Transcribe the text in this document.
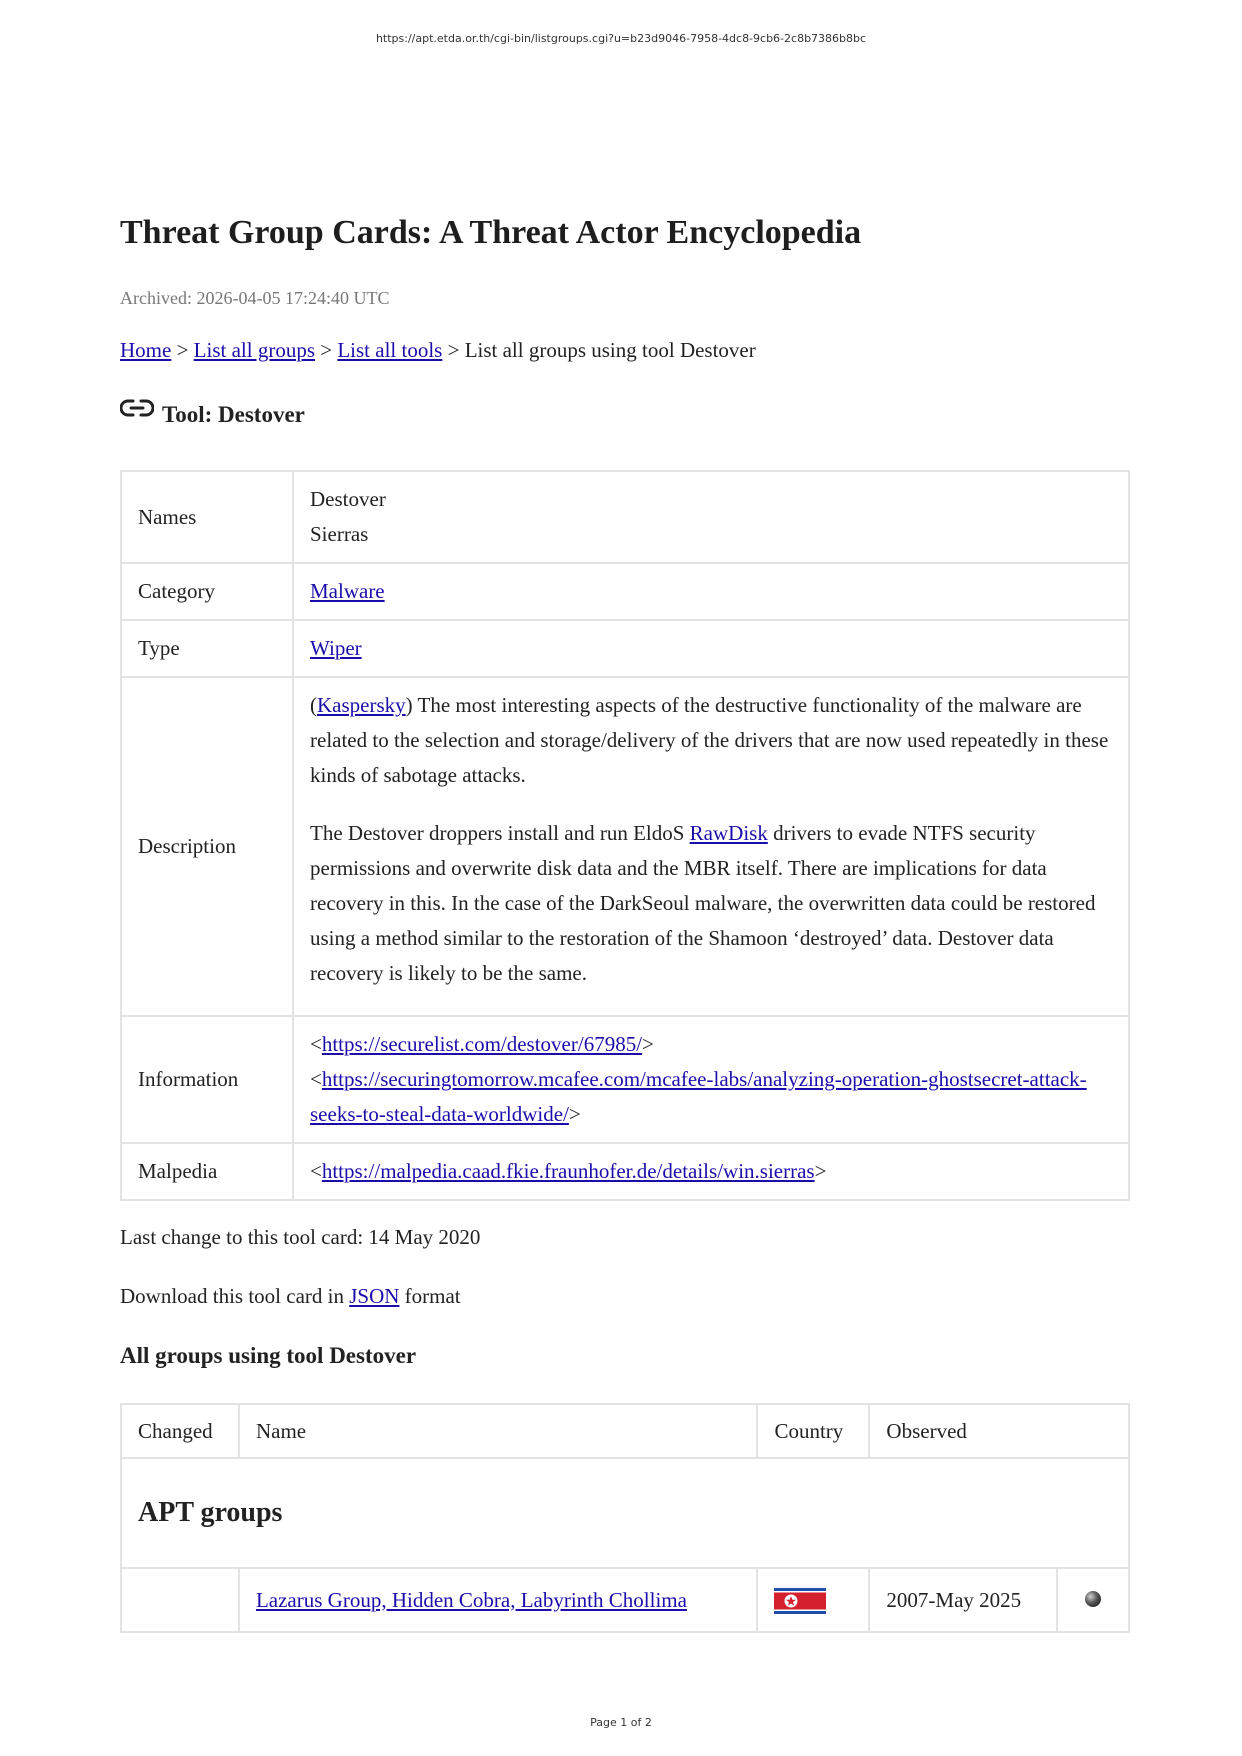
https://apt.etda.or.th/cgi-bin/listgroups.cgi?u=b23d9046-7958-4dc8-9cb6-2c8b7386b8bc
Threat Group Cards: A Threat Actor Encyclopedia
Archived: 2026-04-05 17:24:40 UTC
Home > List all groups > List all tools > List all groups using tool Destover
Tool: Destover
Names	Destover
Sierras

Category	Malware
Type	Wiper
Description	(Kaspersky) The most interesting aspects of the destructive functionality of the malware are related to the selection and storage/delivery of the drivers that are now used repeatedly in these kinds of sabotage attacks.

The Destover droppers install and run EldoS RawDisk drivers to evade NTFS security permissions and overwrite disk data and the MBR itself. There are implications for data recovery in this. In the case of the DarkSeoul malware, the overwritten data could be restored using a method similar to the restoration of the Shamoon ‘destroyed’ data. Destover data recovery is likely to be the same.

Information	<https://securelist.com/destover/67985/>
<https://securingtomorrow.mcafee.com/mcafee-labs/analyzing-operation-ghostsecret-attack-seeks-to-steal-data-worldwide/>

Malpedia	<https://malpedia.caad.fkie.fraunhofer.de/details/win.sierras>
Last change to this tool card: 14 May 2020
Download this tool card in JSON format
All groups using tool Destover
Changed	Name	Country	Observed	
APT groups				
	Lazarus Group, Hidden Cobra, Labyrinth Chollima		2007-May 2025	
Page 1 of 2
